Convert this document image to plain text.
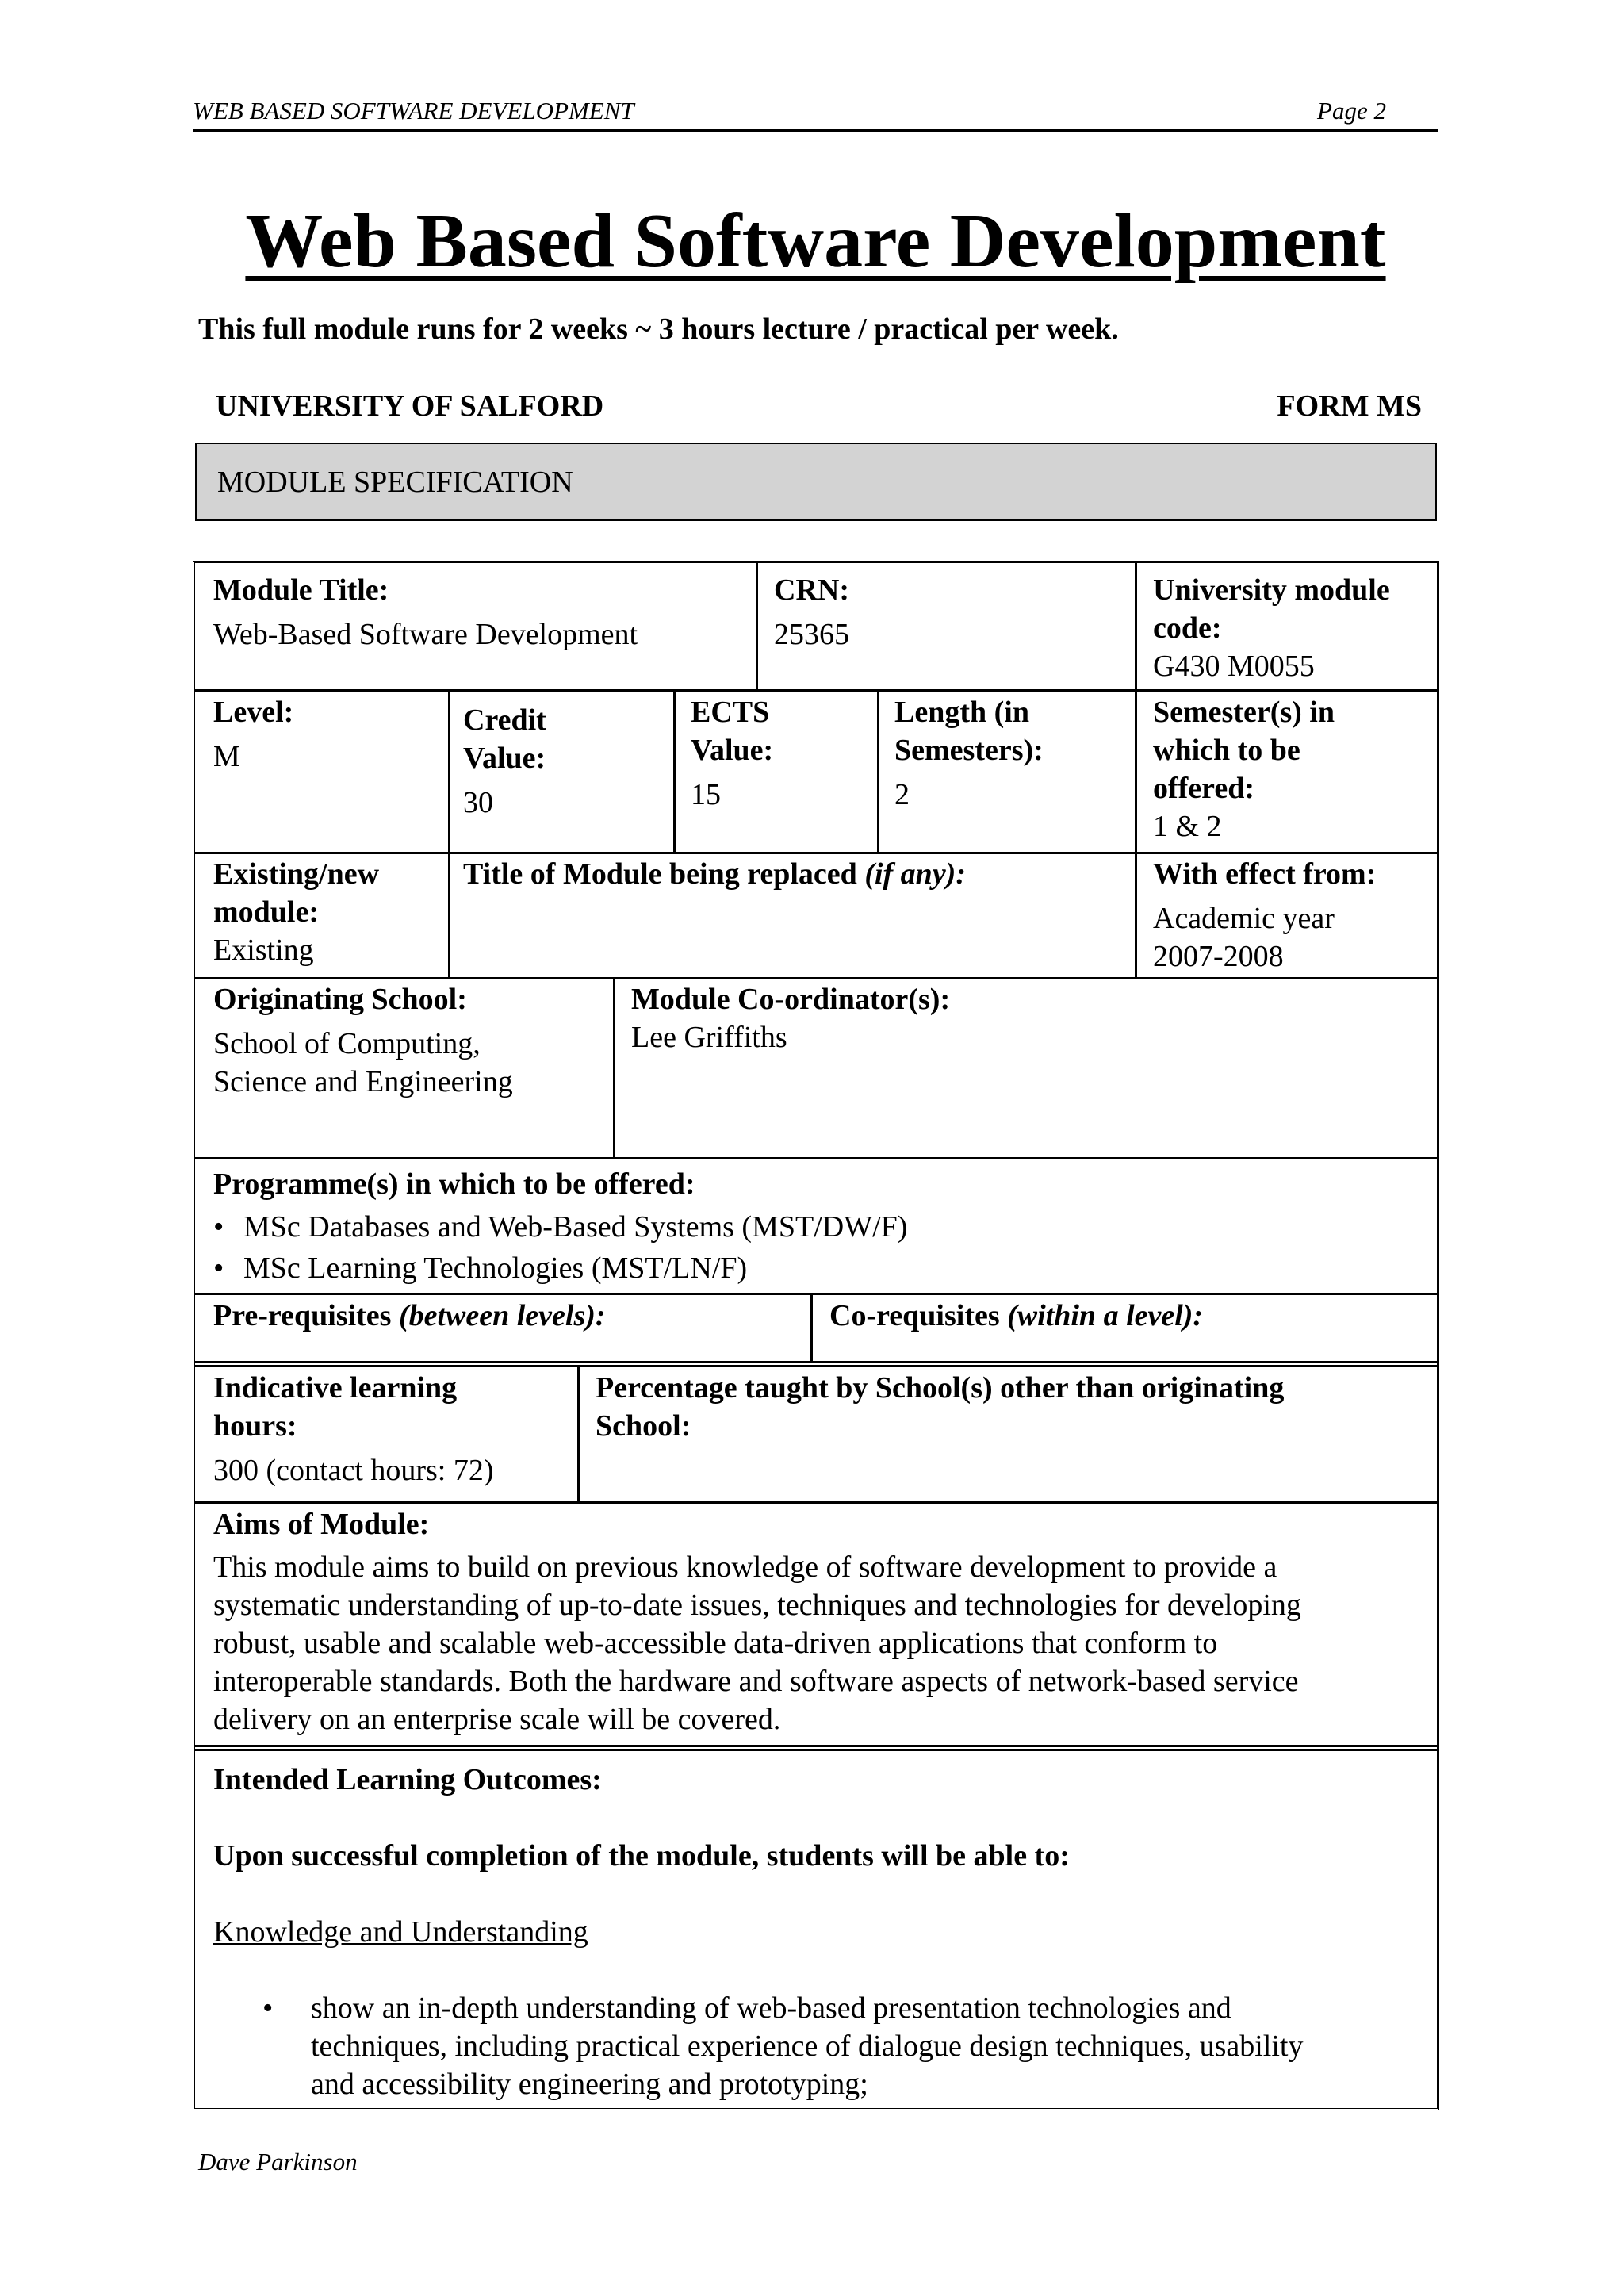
WEB BASED SOFTWARE DEVELOPMENT	Page 2
Web Based Software Development
This full module runs for 2 weeks ~ 3 hours lecture / practical per week.
UNIVERSITY OF SALFORD	FORM MS
MODULE SPECIFICATION
Module Title:
Web-Based Software Development
CRN:
25365
University module
code:
G430 M0055
Level:
M
Credit
Value:
30
ECTS
Value:
15
Length (in
Semesters):
2
Semester(s) in
which to be
offered:
1 & 2
Existing/new
module:
Existing
Title of Module being replaced (if any):	With effect from:
Academic year
2007-2008
Originating School:
School of Computing,
Science and Engineering
Module Co-ordinator(s):
Lee Griffiths
Programme(s) in which to be offered:
• MSc Databases and Web-Based Systems (MST/DW/F)
• MSc Learning Technologies (MST/LN/F)
Pre-requisites (between levels):	Co-requisites (within a level):
Indicative learning
hours:
300 (contact hours: 72)
Percentage taught by School(s) other than originating
School:
Aims of Module:
This module aims to build on previous knowledge of software development to provide a
systematic understanding of up-to-date issues, techniques and technologies for developing
robust, usable and scalable web-accessible data-driven applications that conform to
interoperable standards. Both the hardware and software aspects of network-based service
delivery on an enterprise scale will be covered.
Intended Learning Outcomes:
Upon successful completion of the module, students will be able to:
Knowledge and Understanding
• show an in-depth understanding of web-based presentation technologies and
techniques, including practical experience of dialogue design techniques, usability
and accessibility engineering and prototyping;
Dave Parkinson
